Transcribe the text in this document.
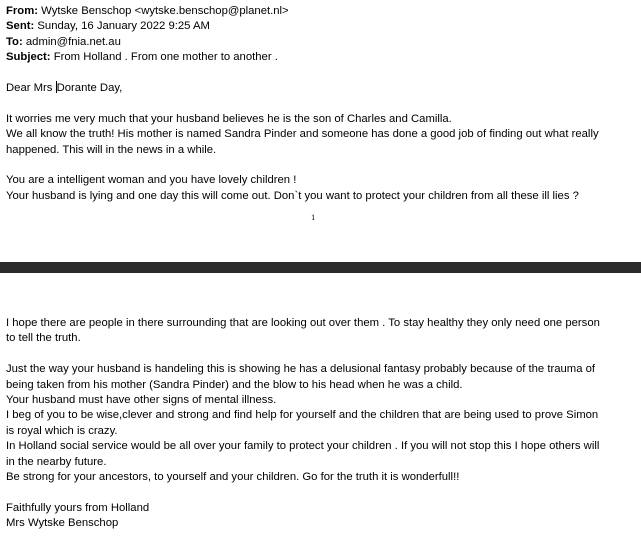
From: Wytske Benschop <wytske.benschop@planet.nl>
Sent: Sunday, 16 January 2022 9:25 AM
To: admin@fnia.net.au
Subject: From Holland . From one mother to another .
Dear Mrs Dorante Day,
It worries me very much that your husband believes he is the son of Charles and Camilla.
We all know the truth! His mother is named Sandra Pinder and someone has done a good job of finding out what really
happened. This will in the news in a while.
You are a intelligent woman and you have lovely children !
Your husband is lying and one day this will come out. Don`t you want to protect your children from all these ill lies ?
1
I hope there are people in there surrounding that are looking out over them . To stay healthy they only need one person
to tell the truth.
Just the way your husband is handeling this is showing he has a delusional fantasy probably because of the trauma of
being taken from his mother (Sandra Pinder) and the blow to his head when he was a child.
Your husband must have other signs of mental illness.
I beg of you to be wise,clever and strong and find help for yourself and the children that are being used to prove Simon
is royal which is crazy.
In Holland social service would be all over your family to protect your children . If you will not stop this I hope others will
in the nearby future.
Be strong for your ancestors, to yourself and your children. Go for the truth it is wonderfull!!
Faithfully yours from Holland
Mrs Wytske Benschop
